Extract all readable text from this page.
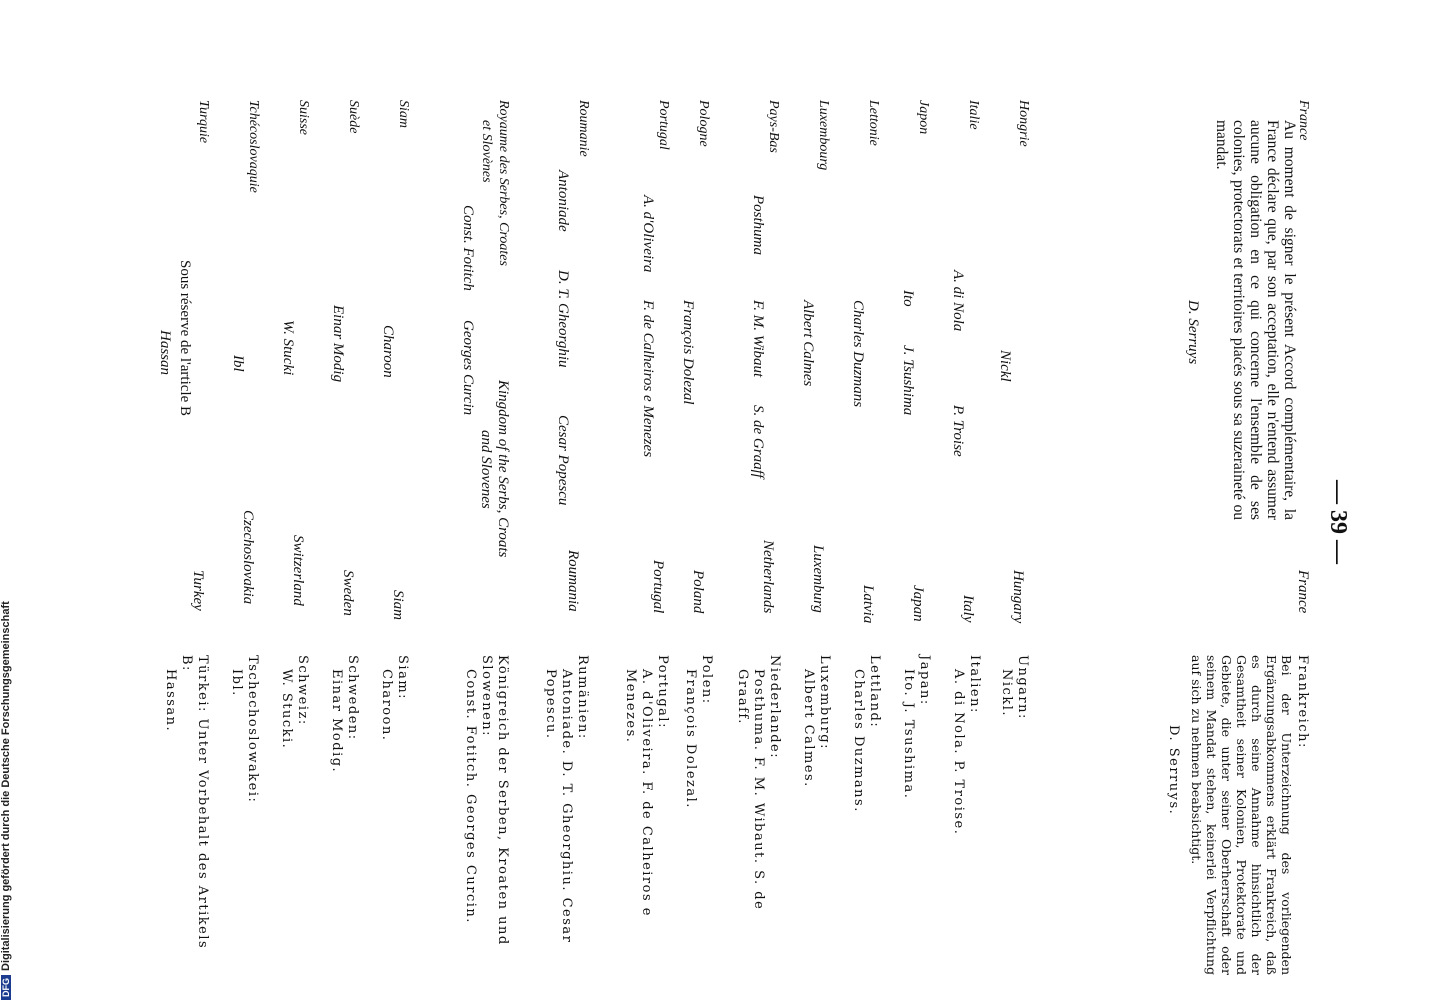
— 39 —
France
Au moment de signer le présent Accord complémentaire, la France déclare que, par son acceptation, elle n'entend assumer aucune obligation en ce qui concerne l'ensemble de ses colonies, protectorats et territoires placés sous sa suzeraineté ou mandat.
D. Serruys
Hongrie
Nickl
Italie
A. di Nola
P. Troise
Japon
Ito
J. Tsushima
Lettonie
Charles Duzmans
Luxembourg
Albert Calmes
Pays-Bas
Posthuma
F. M. Wibaut
S. de Graaff
Pologne
François Dolezal
Portugal
A. d'Oliveira
F. de Calheiros e Menezes
Roumanie
Antoniade
D. T. Gheorghiu
Cesar Popescu
Royaume des Serbes, Croates
et Slovènes
Const. Fotitch
Georges Curcin
Siam
Charoon
Suède
Einar Modig
Suisse
W. Stucki
Tchécoslovaquie
Ibl
Turquie
Sous réserve de l'article B
Hassan
France
Hungary
Italy
Japan
Latvia
Luxemburg
Netherlands
Poland
Portugal
Roumania
Kingdom of the Serbs, Croats
and Slovenes
Siam
Sweden
Switzerland
Czechoslovakia
Turkey
Frankreich:
Bei der Unterzeichnung des vorliegenden Ergänzungsabkommens erklärt Frankreich, daß es durch seine Annahme hinsichtlich der Gesamtheit seiner Kolonien, Protektorate und Gebiete, die unter seiner Oberherrschaft oder seinem Mandat stehen, keinerlei Verpflichtung auf sich zu nehmen beabsichtigt.
D. Serruys.
Ungarn:
Nickl.
Italien:
A. di Nola. P. Troise.
Japan:
Ito. J. Tsushima.
Lettland:
Charles Duzmans.
Luxemburg:
Albert Calmes.
Niederlande:
Posthuma. F. M. Wibaut. S. de Graaff.
Polen:
François Dolezal.
Portugal:
A. d'Oliveira. F. de Calheiros e Menezes.
Rumänien:
Antoniade. D. T. Gheorghiu. Cesar Popescu.
Königreich der Serben, Kroaten und Slowenen:
Const. Fotitch. Georges Curcin.
Siam:
Charoon.
Schweden:
Einar Modig.
Schweiz:
W. Stucki.
Tschechoslowakei:
Ibl.
Türkei: Unter Vorbehalt des Artikels B:
Hassan.
DFGDigitalisierung gefördert durch die Deutsche Forschungsgemeinschaft
